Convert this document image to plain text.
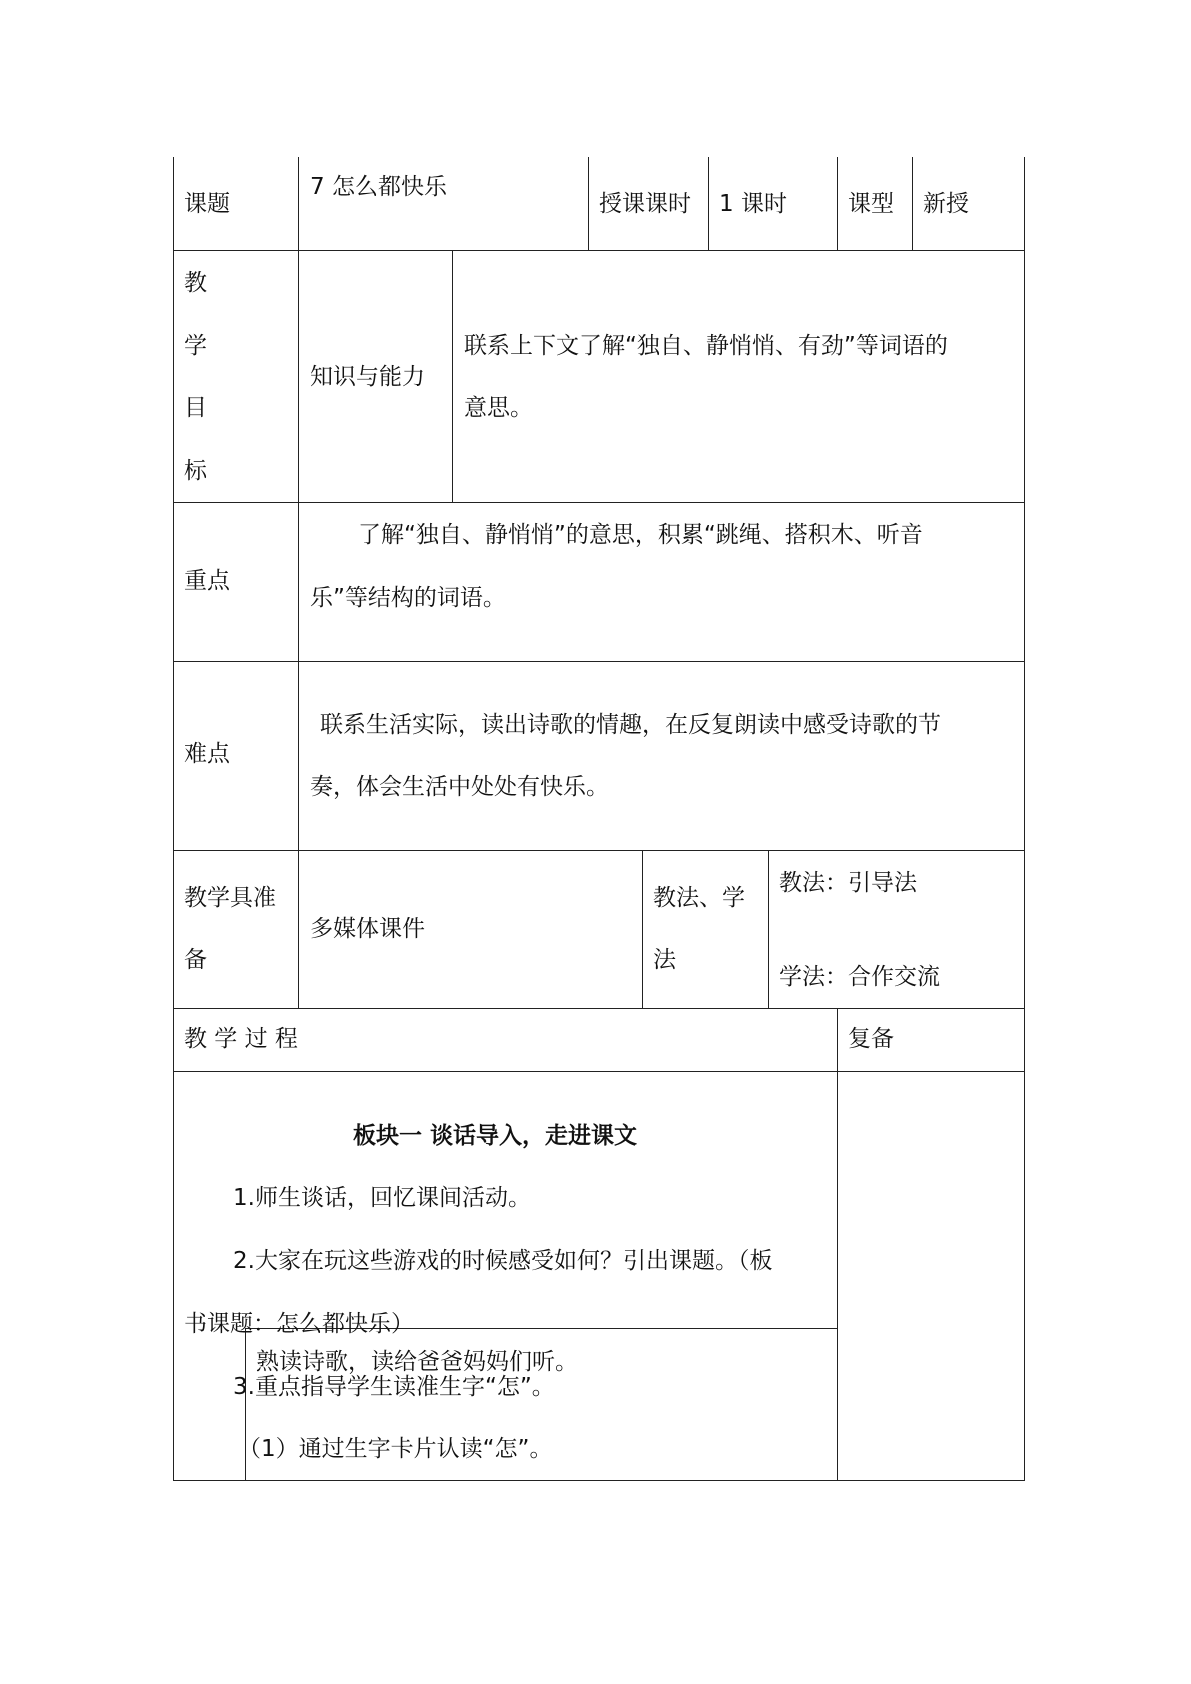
课题
7 怎么都快乐
授课课时 1 课时	课型 新授
教
学
目
标
知识与能力
联系上下文了解“独自、静悄悄、有劲”等词语的
意思。
重点
了解“独自、静悄悄”的意思，积累“跳绳、搭积木、听音
乐”等结构的词语。
难点
联系生活实际，读出诗歌的情趣，在反复朗读中感受诗歌的节
奏，体会生活中处处有快乐。
教学具准
备
多媒体课件
教法、学
法
教法：引导法
学法：合作交流
教 学 过 程	复备
板块一 谈话导入，走进课文
1.师生谈话，回忆课间活动。
2.大家在玩这些游戏的时候感受如何？引出课题。（板
书课题：怎么都快乐）
熟读诗歌，读给爸爸妈妈们听。
3.重点指导学生读准生字“怎”。
（1）通过生字卡片认读“怎”。
